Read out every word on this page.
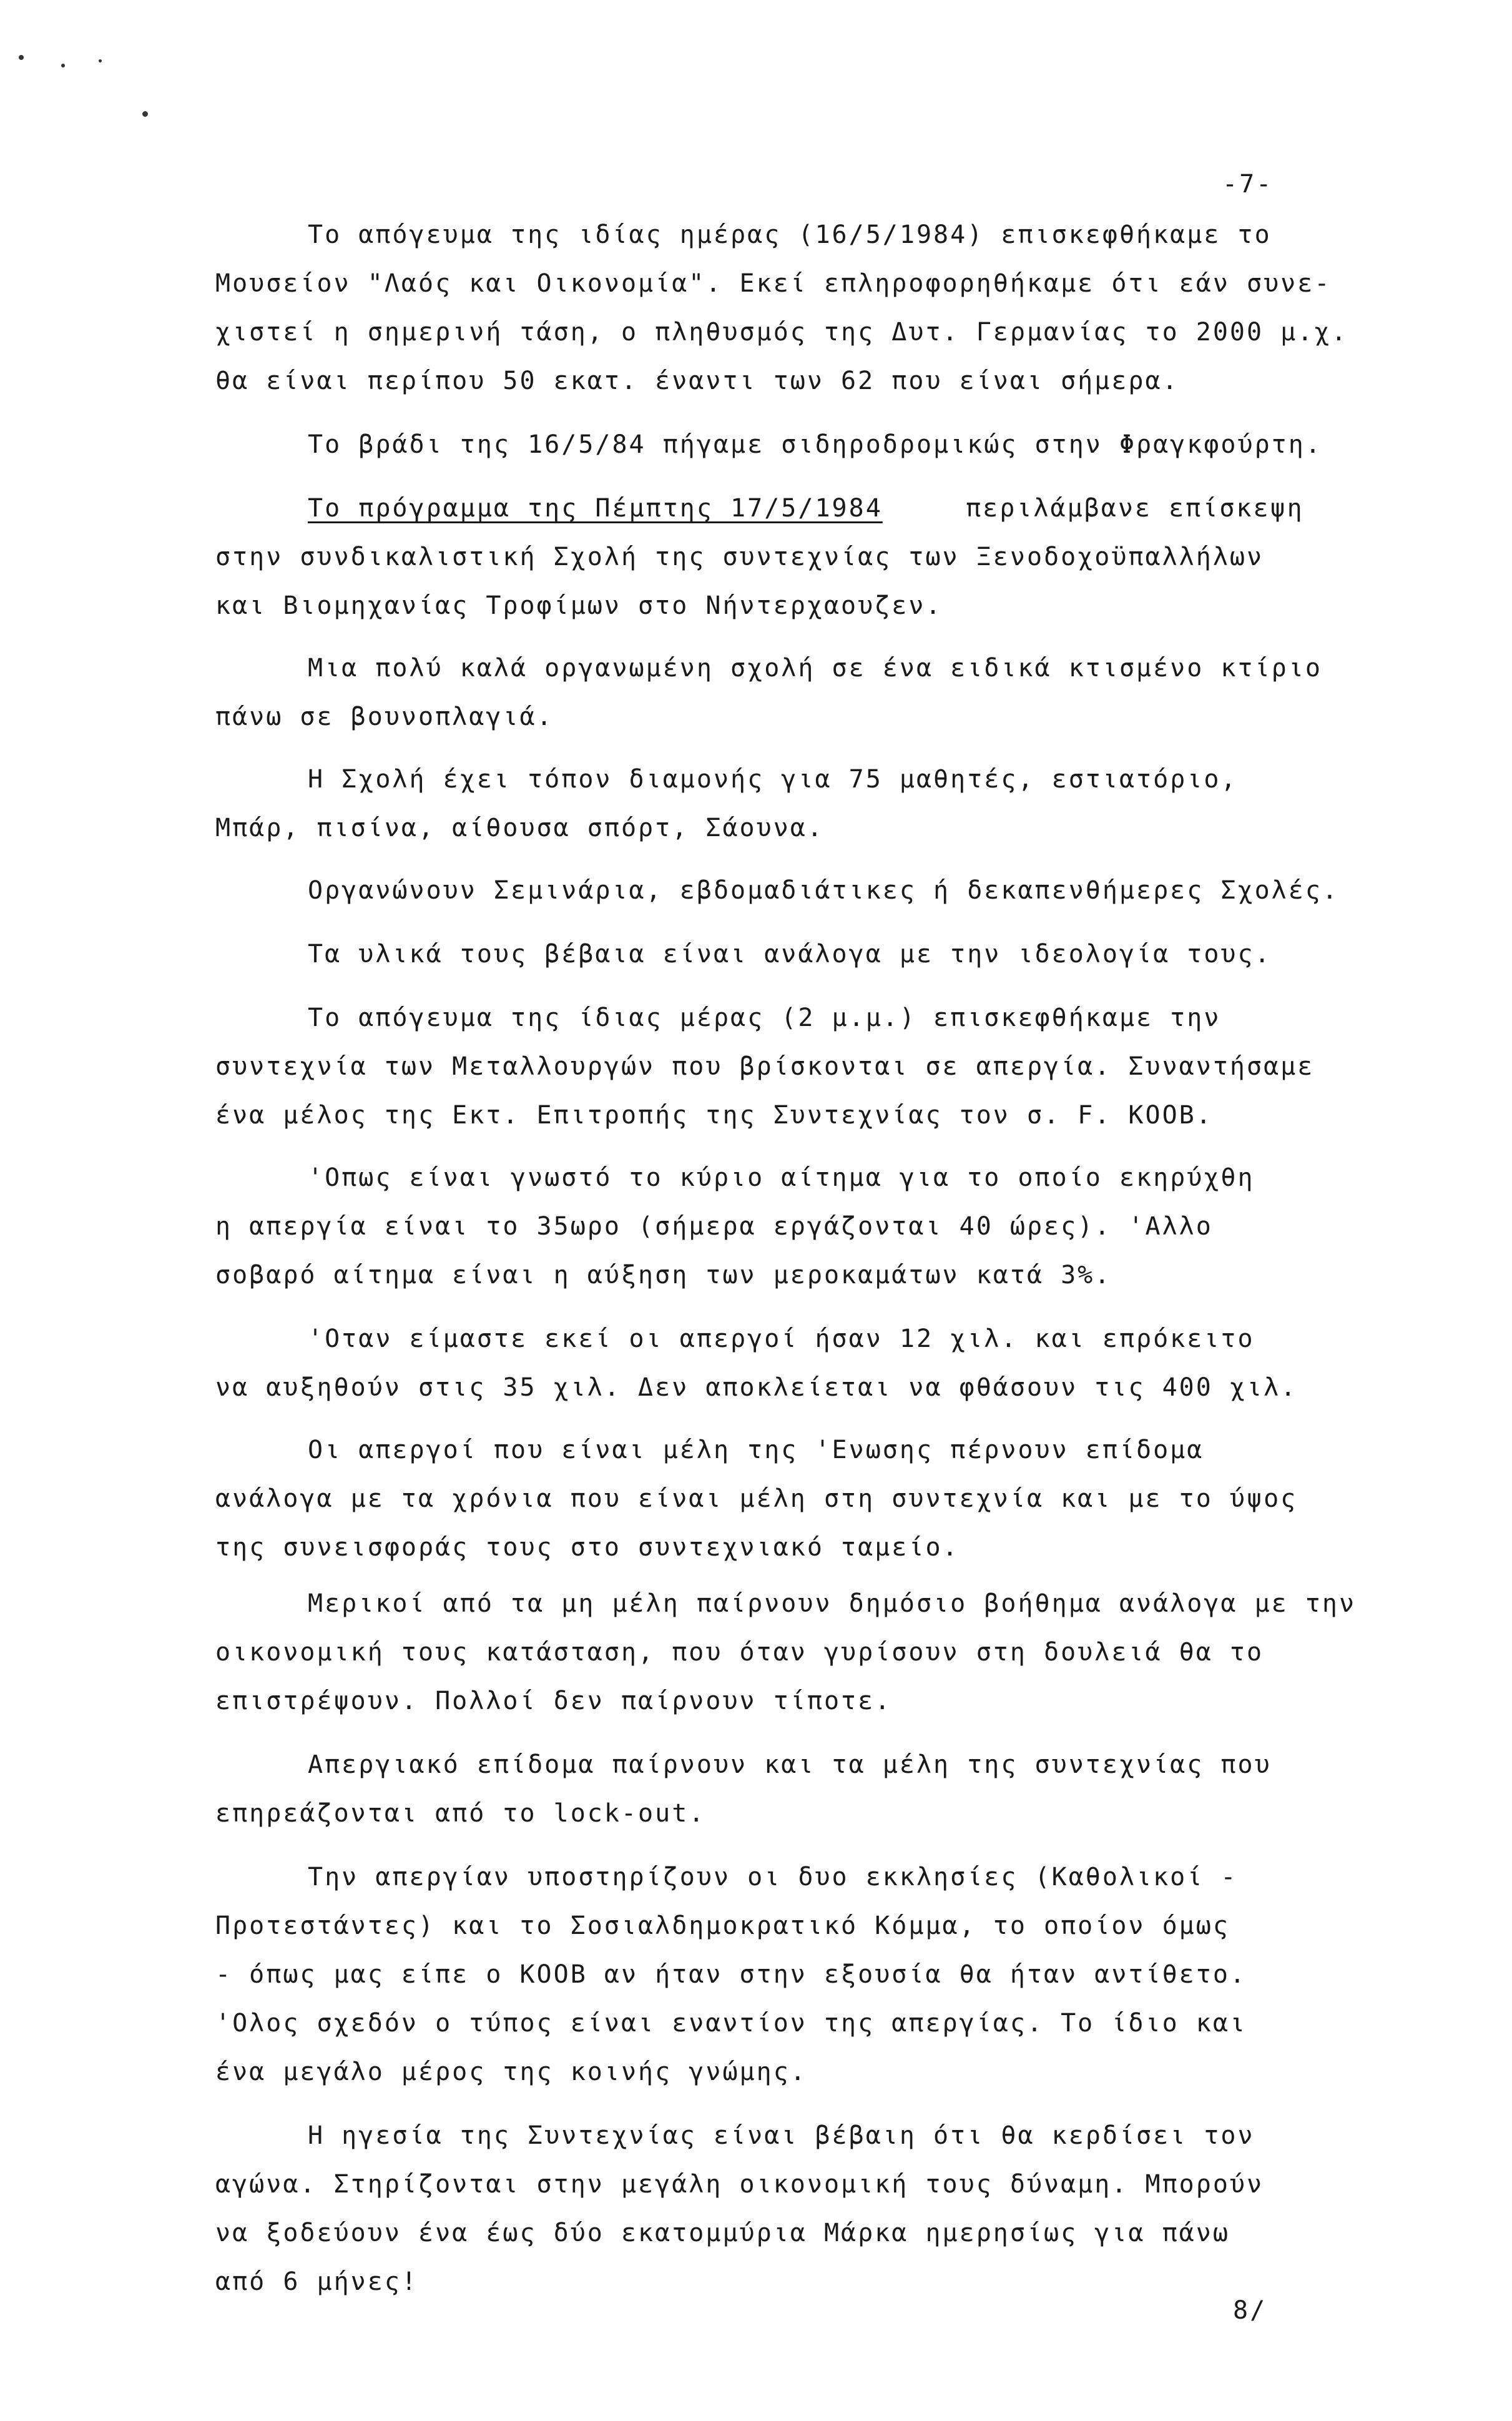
-7-
Το απόγευμα της ιδίας ημέρας (16/5/1984) επισκεφθήκαμε το
Μουσείον "Λαός και Οικονομία". Εκεί επληροφορηθήκαμε ότι εάν συνε-
χιστεί η σημερινή τάση, ο πληθυσμός της Δυτ. Γερμανίας το 2000 μ.χ.
θα είναι περίπου 50 εκατ. έναντι των 62 που είναι σήμερα.
Το βράδι της 16/5/84 πήγαμε σιδηροδρομικώς στην Φραγκφούρτη.
Το πρόγραμμα της Πέμπτης 17/5/1984	περιλάμβανε επίσκεψη
στην συνδικαλιστική Σχολή της συντεχνίας των Ξενοδοχοϋπαλλήλων
και Βιομηχανίας Τροφίμων στο Νήντερχαουζεν.
Μια πολύ καλά οργανωμένη σχολή σε ένα ειδικά κτισμένο κτίριο
πάνω σε βουνοπλαγιά.
Η Σχολή έχει τόπον διαμονής για 75 μαθητές, εστιατόριο,
Μπάρ, πισίνα, αίθουσα σπόρτ, Σάουνα.
Οργανώνουν Σεμινάρια, εβδομαδιάτικες ή δεκαπενθήμερες Σχολές.
Τα υλικά τους βέβαια είναι ανάλογα με την ιδεολογία τους.
Το απόγευμα της ίδιας μέρας (2 μ.μ.) επισκεφθήκαμε την
συντεχνία των Μεταλλουργών που βρίσκονται σε απεργία. Συναντήσαμε
ένα μέλος της Εκτ. Επιτροπής της Συντεχνίας τον σ. F. KOOB.
'Οπως είναι γνωστό το κύριο αίτημα για το οποίο εκηρύχθη
η απεργία είναι το 35ωρο (σήμερα εργάζονται 40 ώρες). 'Αλλο
σοβαρό αίτημα είναι η αύξηση των μεροκαμάτων κατά 3%.
'Οταν είμαστε εκεί οι απεργοί ήσαν 12 χιλ. και επρόκειτο
να αυξηθούν στις 35 χιλ. Δεν αποκλείεται να φθάσουν τις 400 χιλ.
Οι απεργοί που είναι μέλη της 'Ενωσης πέρνουν επίδομα
ανάλογα με τα χρόνια που είναι μέλη στη συντεχνία και με το ύψος
της συνεισφοράς τους στο συντεχνιακό ταμείο.
Μερικοί από τα μη μέλη παίρνουν δημόσιο βοήθημα ανάλογα με την
οικονομική τους κατάσταση, που όταν γυρίσουν στη δουλειά θα το
επιστρέψουν. Πολλοί δεν παίρνουν τίποτε.
Απεργιακό επίδομα παίρνουν και τα μέλη της συντεχνίας που
επηρεάζονται από το lock-out.
Την απεργίαν υποστηρίζουν οι δυο εκκλησίες (Καθολικοί -
Προτεστάντες) και το Σοσιαλδημοκρατικό Κόμμα, το οποίον όμως
- όπως μας είπε ο KOOB αν ήταν στην εξουσία θα ήταν αντίθετο.
'Ολος σχεδόν ο τύπος είναι εναντίον της απεργίας. Το ίδιο και
ένα μεγάλο μέρος της κοινής γνώμης.
Η ηγεσία της Συντεχνίας είναι βέβαιη ότι θα κερδίσει τον
αγώνα. Στηρίζονται στην μεγάλη οικονομική τους δύναμη. Μπορούν
να ξοδεύουν ένα έως δύο εκατομμύρια Μάρκα ημερησίως για πάνω
από 6 μήνες!
8/
